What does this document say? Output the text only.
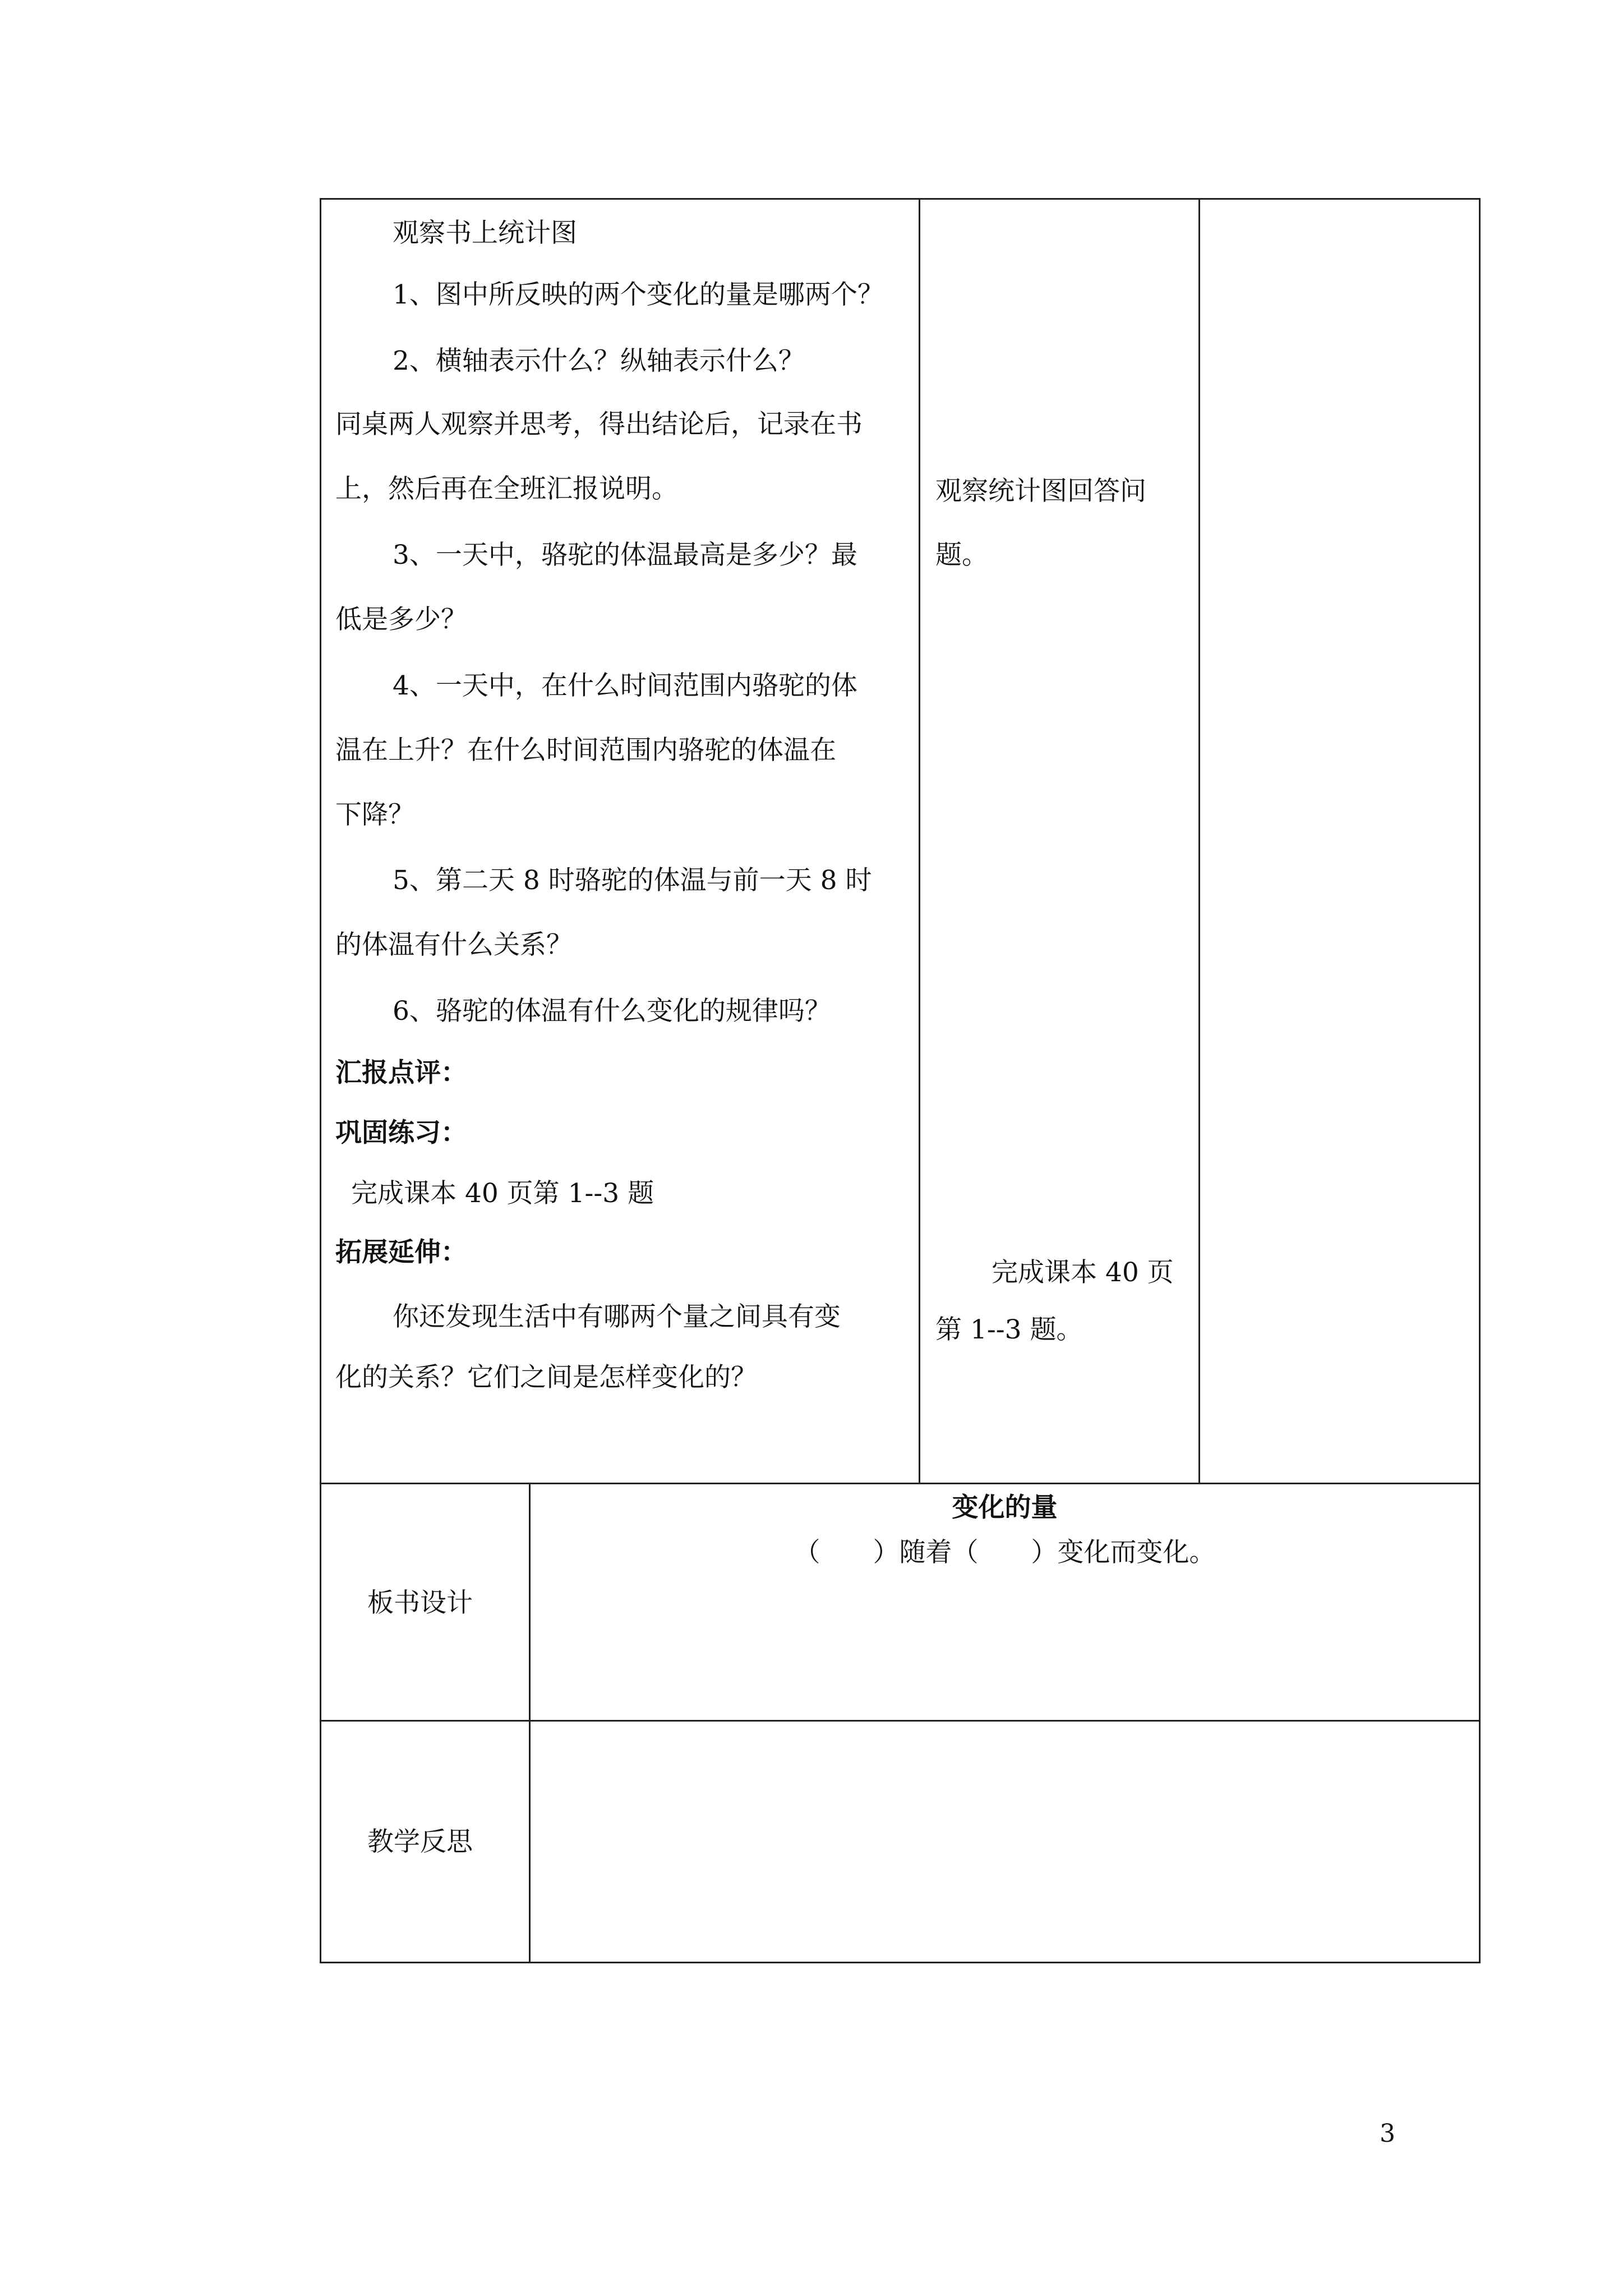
观察书上统计图
1、图中所反映的两个变化的量是哪两个？
2、横轴表示什么？纵轴表示什么？
同桌两人观察并思考，得出结论后，记录在书
上，然后再在全班汇报说明。
3、一天中，骆驼的体温最高是多少？最
低是多少？
4、一天中，在什么时间范围内骆驼的体
温在上升？在什么时间范围内骆驼的体温在
下降？
5、第二天 8 时骆驼的体温与前一天 8 时
的体温有什么关系？
6、骆驼的体温有什么变化的规律吗？
汇报点评：
巩固练习：
完成课本 40 页第 1--3 题
拓展延伸：
你还发现生活中有哪两个量之间具有变
化的关系？它们之间是怎样变化的？
观察统计图回答问
题。
完成课本 40 页
第 1--3 题。
板书设计
变化的量
（　　）随着（　　）变化而变化。
教学反思
3
